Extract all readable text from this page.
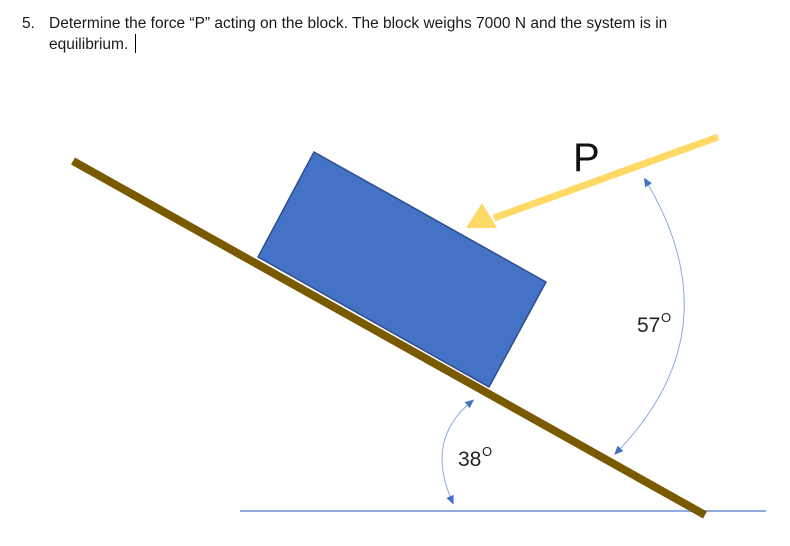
5. Determine the force “P” acting on the block. The block weighs 7000 N and the system is in equilibrium.
P
57 O
38 O
